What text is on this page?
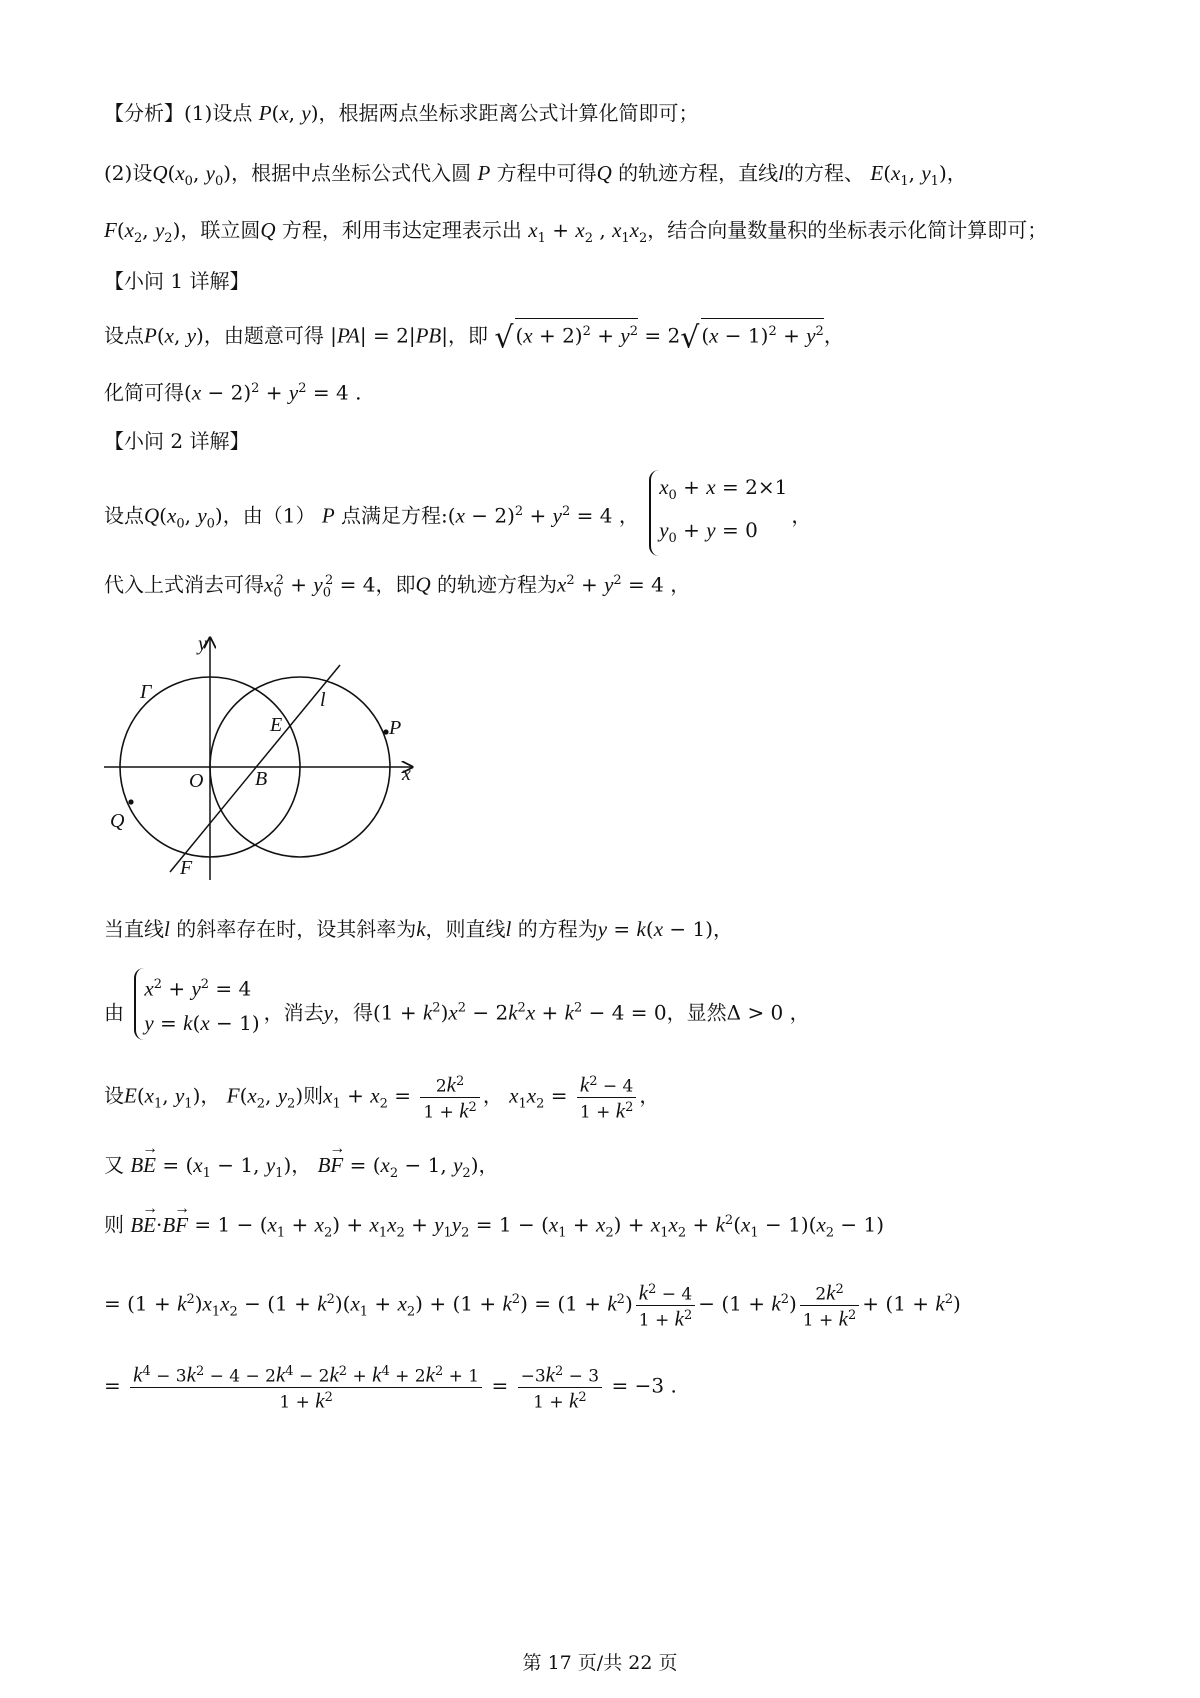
【分析】(1)设点 P(x, y)，根据两点坐标求距离公式计算化简即可；
(2)设$Q(x_0$, $y_0$)，根据中点坐标公式代入圆 P 方程中可得Q 的轨迹方程，直线l的方程、 $E(x_1$, $y_1$)，
$F(x_2$, $y_2$)，联立圆Q 方程，利用韦达定理表示出 $x_1 + x_2$ , $x_1x_2$，结合向量数量积的坐标表示化简计算即可；
【小问 1 详解】
设点P(x, y)，由题意可得 |PA| = 2|PB|，即 √ $(x + 2)^2 + y^2 = 2√$ $(x - 1)^2 + y^2$，
化简可得$(x - 2)^2 + y^2 = 4$ .
【小问 2 详解】
设点$Q(x_0$, $y_0$)，由（1） P 点满足方程:(x − $2)^2 + y^2 = 4$ ，
$x_0 + x = 2\times 1$
$y_0 + y = 0$
，
代入上式消去可得$x_0^2 + y_0^2 = 4$，即Q 的轨迹方程为$x^2 + y^2 = 4$ ，
y
x
Γ	l
E	P
O	B
Q
F
当直线l 的斜率存在时，设其斜率为k，则直线l 的方程为y = k(x − 1)，
由
$x^2 + y^2 = 4$
y = k(x − 1) ，消去y，得$(1 + k^2)x^2 - 2k^2x + k^2 - 4 = 0$，显然Δ > 0 ，
设$E(x_1$, $y_1$)， $F(x_2$, $y_2$)则$x_1 + x_2 = \frac{2k^2}{1 + k^2}$ ， $x_1x_2 = \frac{k^2 - 4}{1 + k^2}$ ，
又 → BE = ($x_1 - 1$, $y_1$)， → BF = ($x_2 - 1$, $y_2$)，
则 → BE·→ BF = $1 - (x_1 + x_2) + x_1x_2 + y_1y_2 = 1 - (x_1 + x_2) + x_1x_2 + k^2(x_1 - 1)(x_2 - 1)$
= $(1 + k^2)x_1x_2 - (1 + k^2)(x_1 + x_2) + (1 + k^2) = (1 + k^2) \frac{k^2 - 4}{1 + k^2} - (1 + k^2) \frac{2k^2}{1 + k^2} + (1 + k^2)$
= $\frac{k^4 - 3k^2 - 4 - 2k^4 - 2k^2 + k^4 + 2k^2 + 1}{1 + k^2} = \frac{-3k^2 - 3}{1 + k^2} = -3$ .
第 17 页/共 22 页
